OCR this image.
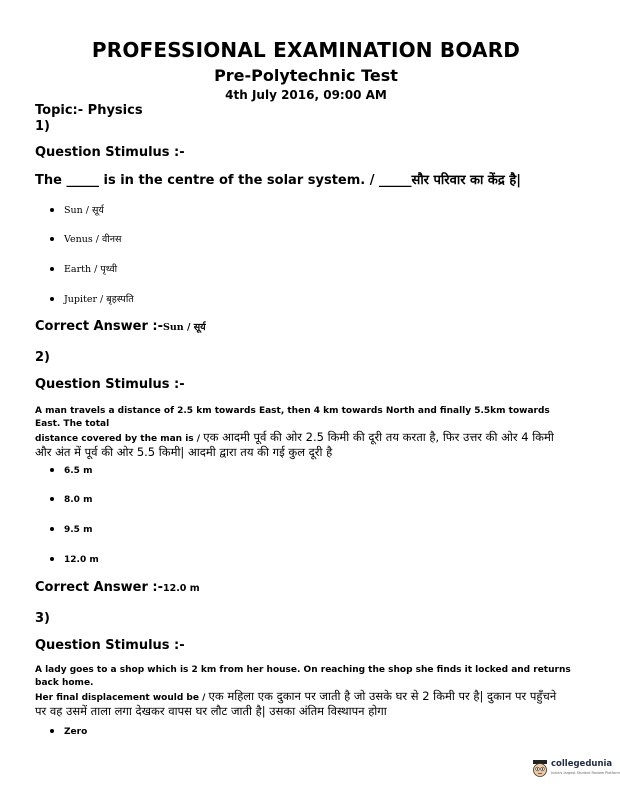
PROFESSIONAL EXAMINATION BOARD
Pre-Polytechnic Test
4th July 2016, 09:00 AM
Topic:- Physics
1)
Question Stimulus :-
The _____ is in the centre of the solar system. / _____सौर परिवार का केंद्र है|
Sun / सूर्य
Venus / वीनस
Earth / पृथ्वी
Jupiter / बृहस्पति
Correct Answer :-Sun / सूर्य
2)
Question Stimulus :-
A man travels a distance of 2.5 km towards East, then 4 km towards North and finally 5.5km towards East. The total
distance covered by the man is / एक आदमी पूर्व की ओर 2.5 किमी की दूरी तय करता है, फिर उत्तर की ओर 4 किमी
और अंत में पूर्व की ओर 5.5 किमी| आदमी द्वारा तय की गई कुल दूरी है
6.5 m
8.0 m
9.5 m
12.0 m
Correct Answer :-12.0 m
3)
Question Stimulus :-
A lady goes to a shop which is 2 km from her house. On reaching the shop she finds it locked and returns back home.
Her final displacement would be / एक महिला एक दुकान पर जाती है जो उसके घर से 2 किमी पर है| दुकान पर पहुँचने
पर वह उसमें ताला लगा देखकर वापस घर लौट जाती है| उसका अंतिम विस्थापन होगा
Zero
collegedunia
India's largest Student Review Platform
